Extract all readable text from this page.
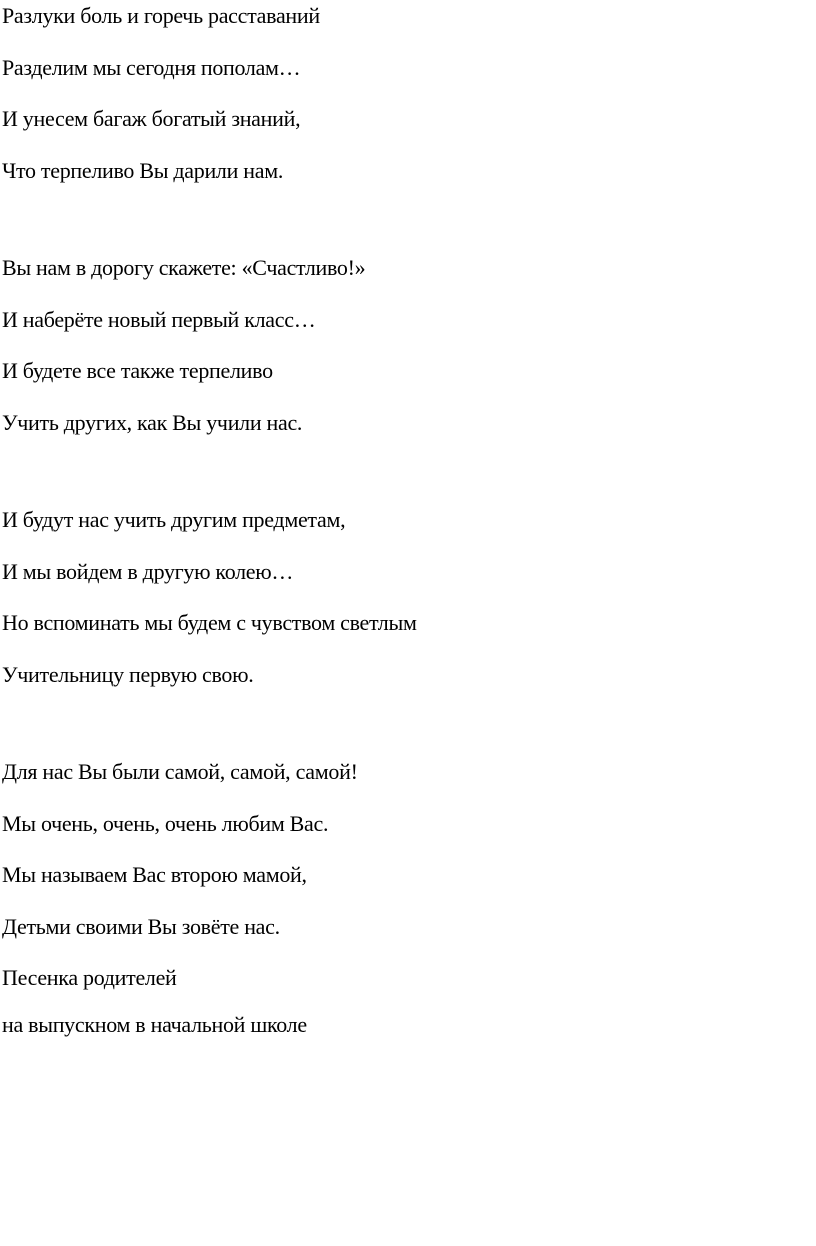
Разлуки боль и горечь расставаний
Разделим мы сегодня пополам…
И унесем багаж богатый знаний,
Что терпеливо Вы дарили нам.
Вы нам в дорогу скажете: «Счастливо!»
И наберёте новый первый класс…
И будете все также терпеливо
Учить других, как Вы учили нас.
И будут нас учить другим предметам,
И мы войдем в другую колею…
Но вспоминать мы будем с чувством светлым
Учительницу первую свою.
Для нас Вы были самой, самой, самой!
Мы очень, очень, очень любим Вас.
Мы называем Вас второю мамой,
Детьми своими Вы зовёте нас.
Песенка родителей
на выпускном в начальной школе
